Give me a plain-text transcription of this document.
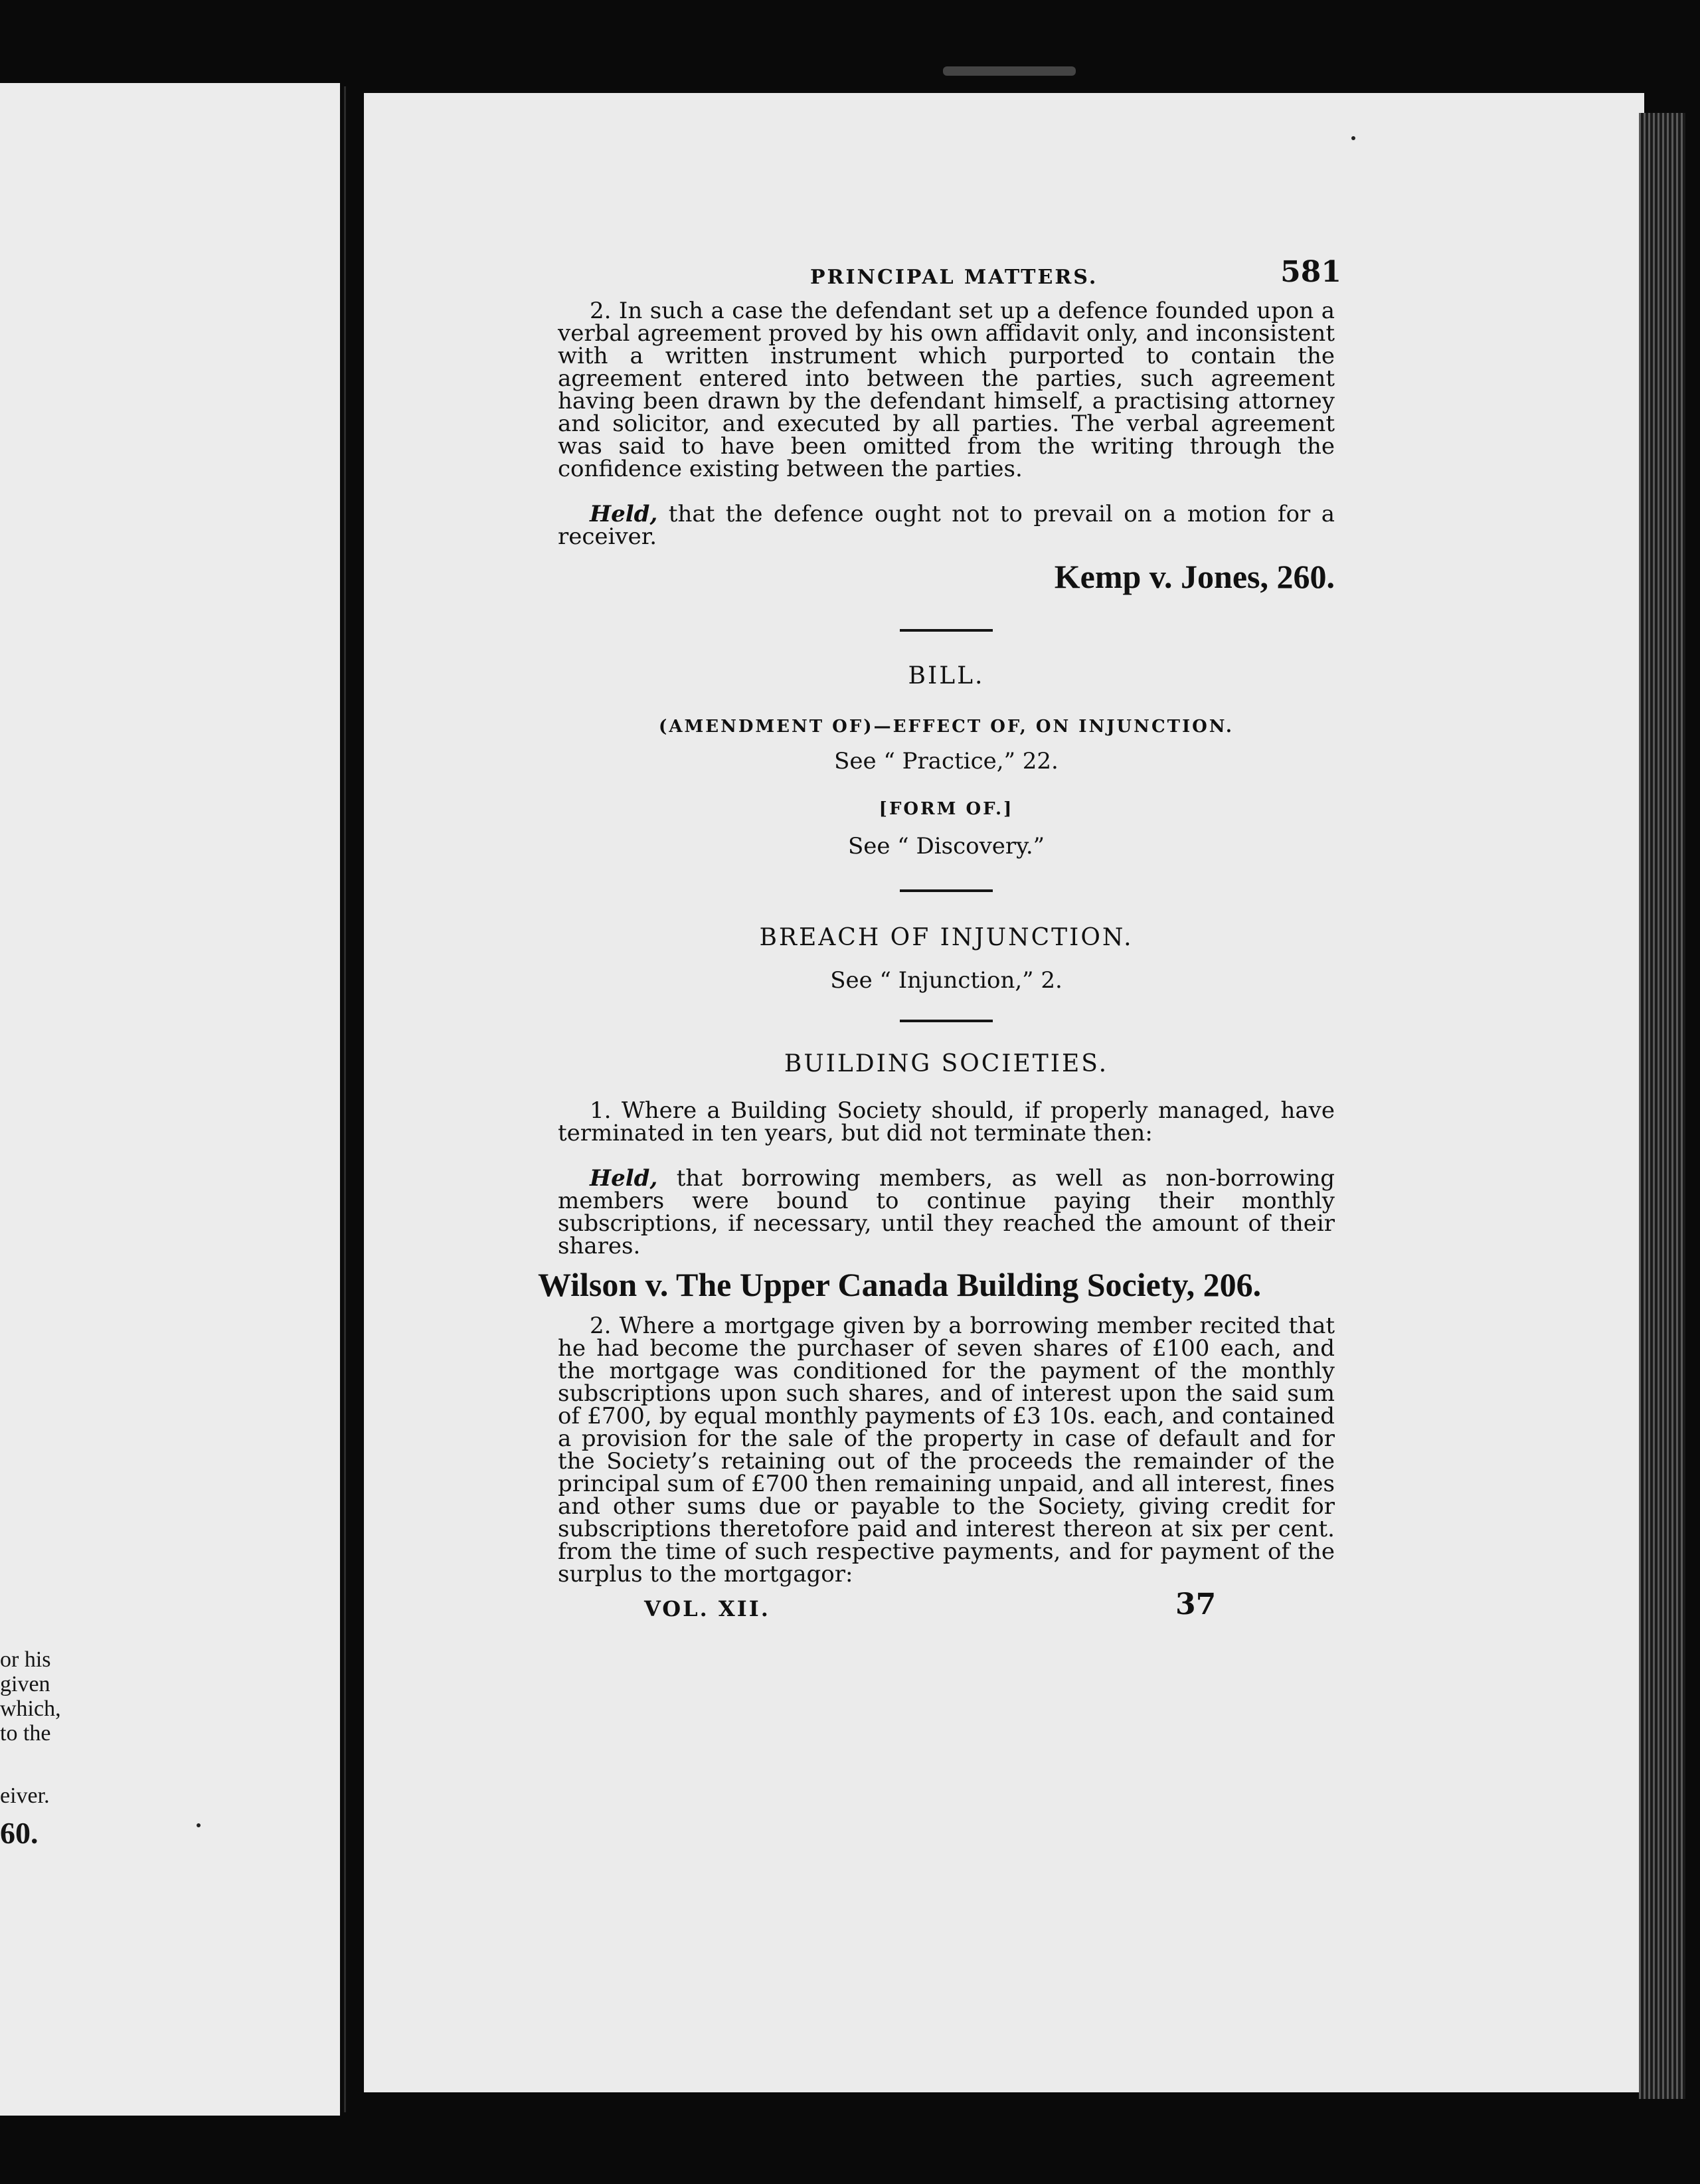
or his
given
which,
to the
eiver.
60.
PRINCIPAL MATTERS.	581

2. In such a case the defendant set up a defence founded upon a verbal agreement proved by his own affidavit only, and inconsistent with a written instrument which purported to contain the agreement entered into between the parties, such agreement having been drawn by the defendant himself, a practising attorney and solicitor, and executed by all parties. The verbal agreement was said to have been omitted from the writing through the confidence existing between the parties.

Held, that the defence ought not to prevail on a motion for a receiver.

Kemp v. Jones, 260.
BILL.
(AMENDMENT OF)—EFFECT OF, ON INJUNCTION.
See “ Practice,” 22.
[FORM OF.]
See “ Discovery.”
BREACH OF INJUNCTION.
See “ Injunction,” 2.
BUILDING SOCIETIES.

1. Where a Building Society should, if properly managed, have terminated in ten years, but did not terminate then:

Held, that borrowing members, as well as non-borrowing members were bound to continue paying their monthly subscriptions, if necessary, until they reached the amount of their shares.

Wilson v. The Upper Canada Building Society, 206.

2. Where a mortgage given by a borrowing member recited that he had become the purchaser of seven shares of £100 each, and the mortgage was conditioned for the payment of the monthly subscriptions upon such shares, and of interest upon the said sum of £700, by equal monthly payments of £3 10s. each, and contained a provision for the sale of the property in case of default and for the Society’s retaining out of the proceeds the remainder of the principal sum of £700 then remaining unpaid, and all interest, fines and other sums due or payable to the Society, giving credit for subscriptions theretofore paid and interest thereon at six per cent. from the time of such respective payments, and for payment of the surplus to the mortgagor:

VOL. XII.	37
